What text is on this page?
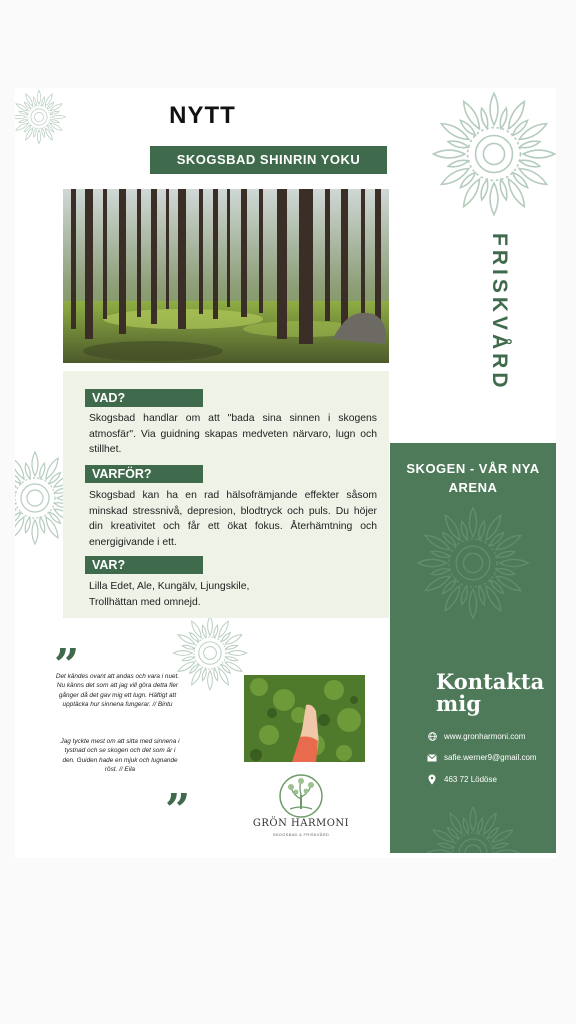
NYTT
SKOGSBAD SHINRIN YOKU
VAD?
Skogsbad handlar om att "bada sina sinnen i skogens atmosfär". Via guidning skapas medveten närvaro, lugn och stillhet.
VARFÖR?
Skogsbad kan ha en rad hälsofrämjande effekter såsom minskad stressnivå, depresion, blodtryck och puls. Du höjer din kreativitet och får ett ökat fokus. Återhämtning och energigivande i ett.
VAR?
Lilla Edet, Ale, Kungälv, Ljungskile, Trollhättan med omnejd.
FRISKVÅRD
SKOGEN - VÅR NYA ARENA
Kontakta mig
www.gronharmoni.com
safie.werner9@gmail.com
463 72 Lödöse
”
Det kändes ovant att andas och vara i nuet. Nu känns det som att jag vill göra detta fler gånger då det gav mig ett lugn. Häftigt att upptäcka hur sinnena fungerar. // Bintu
Jag tyckte mest om att sitta med sinnena i tystnad och se skogen och det som är i den. Guiden hade en mjuk och lugnande röst. // Eila
”	GRÖN HARMONI
SKOGSBAD & FRISKVÅRD
